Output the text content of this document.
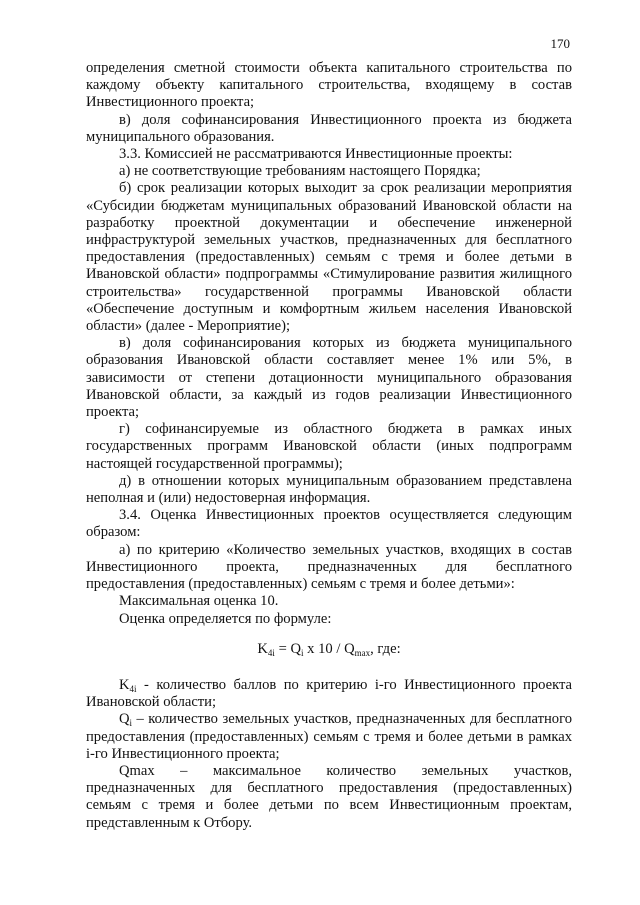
170

определения сметной стоимости объекта капитального строительства по каждому объекту капитального строительства, входящему в состав Инвестиционного проекта;

в) доля софинансирования Инвестиционного проекта из бюджета муниципального образования.

3.3. Комиссией не рассматриваются Инвестиционные проекты:

а) не соответствующие требованиям настоящего Порядка;

б) срок реализации которых выходит за срок реализации мероприятия «Субсидии бюджетам муниципальных образований Ивановской области на разработку проектной документации и обеспечение инженерной инфраструктурой земельных участков, предназначенных для бесплатного предоставления (предоставленных) семьям с тремя и более детьми в Ивановской области» подпрограммы «Стимулирование развития жилищного строительства» государственной программы Ивановской области «Обеспечение доступным и комфортным жильем населения Ивановской области» (далее - Мероприятие);

в) доля софинансирования которых из бюджета муниципального образования Ивановской области составляет менее 1% или 5%, в зависимости от степени дотационности муниципального образования Ивановской области, за каждый из годов реализации Инвестиционного проекта;

г) софинансируемые из областного бюджета в рамках иных государственных программ Ивановской области (иных подпрограмм настоящей государственной программы);

д) в отношении которых муниципальным образованием представлена неполная и (или) недостоверная информация.

3.4. Оценка Инвестиционных проектов осуществляется следующим образом:

а) по критерию «Количество земельных участков, входящих в состав Инвестиционного проекта, предназначенных для бесплатного предоставления (предоставленных) семьям с тремя и более детьми»:

Максимальная оценка 10.

Оценка определяется по формуле:

$K_{4i} = Q_i$ x $10 / Q_{max}$, где:

$K_{4i}$ - количество баллов по критерию i-го Инвестиционного проекта Ивановской области;

$Q_i$ – количество земельных участков, предназначенных для бесплатного предоставления (предоставленных) семьям с тремя и более детьми в рамках i-го Инвестиционного проекта;

Qmax – максимальное количество земельных участков, предназначенных для бесплатного предоставления (предоставленных) семьям с тремя и более детьми по всем Инвестиционным проектам, представленным к Отбору.
